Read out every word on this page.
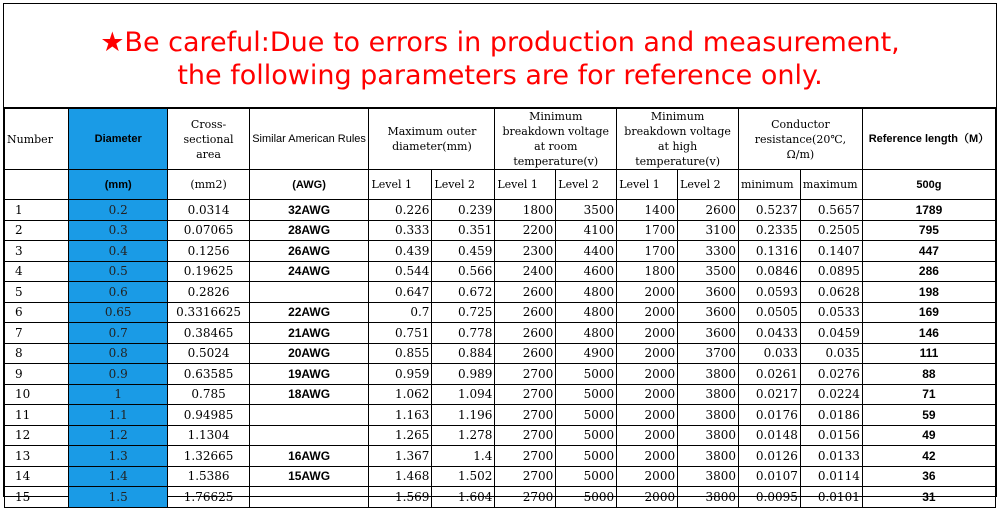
★Be careful:Due to errors in production and measurement,
the following parameters are for reference only.
Number	Diameter	Cross-sectional area	Similar American Rules	Maximum outer diameter(mm)		Minimum breakdown voltage at room temperature(v)		Minimum breakdown voltage at high temperature(v)		Conductor resistance(20℃, Ω/m)		Reference length（M）
	(mm)	(mm2)	(AWG)	Level 1	Level 2	Level 1	Level 2	Level 1	Level 2	minimum	maximum	500g
1	0.2	0.0314	32AWG	0.226	0.239	1800	3500	1400	2600	0.5237	0.5657	1789
2	0.3	0.07065	28AWG	0.333	0.351	2200	4100	1700	3100	0.2335	0.2505	795
3	0.4	0.1256	26AWG	0.439	0.459	2300	4400	1700	3300	0.1316	0.1407	447
4	0.5	0.19625	24AWG	0.544	0.566	2400	4600	1800	3500	0.0846	0.0895	286
5	0.6	0.2826		0.647	0.672	2600	4800	2000	3600	0.0593	0.0628	198
6	0.65	0.3316625	22AWG	0.7	0.725	2600	4800	2000	3600	0.0505	0.0533	169
7	0.7	0.38465	21AWG	0.751	0.778	2600	4800	2000	3600	0.0433	0.0459	146
8	0.8	0.5024	20AWG	0.855	0.884	2600	4900	2000	3700	0.033	0.035	111
9	0.9	0.63585	19AWG	0.959	0.989	2700	5000	2000	3800	0.0261	0.0276	88
10	1	0.785	18AWG	1.062	1.094	2700	5000	2000	3800	0.0217	0.0224	71
11	1.1	0.94985		1.163	1.196	2700	5000	2000	3800	0.0176	0.0186	59
12	1.2	1.1304		1.265	1.278	2700	5000	2000	3800	0.0148	0.0156	49
13	1.3	1.32665	16AWG	1.367	1.4	2700	5000	2000	3800	0.0126	0.0133	42
14	1.4	1.5386	15AWG	1.468	1.502	2700	5000	2000	3800	0.0107	0.0114	36
15	1.5	1.76625		1.569	1.604	2700	5000	2000	3800	0.0095	0.0101	31
